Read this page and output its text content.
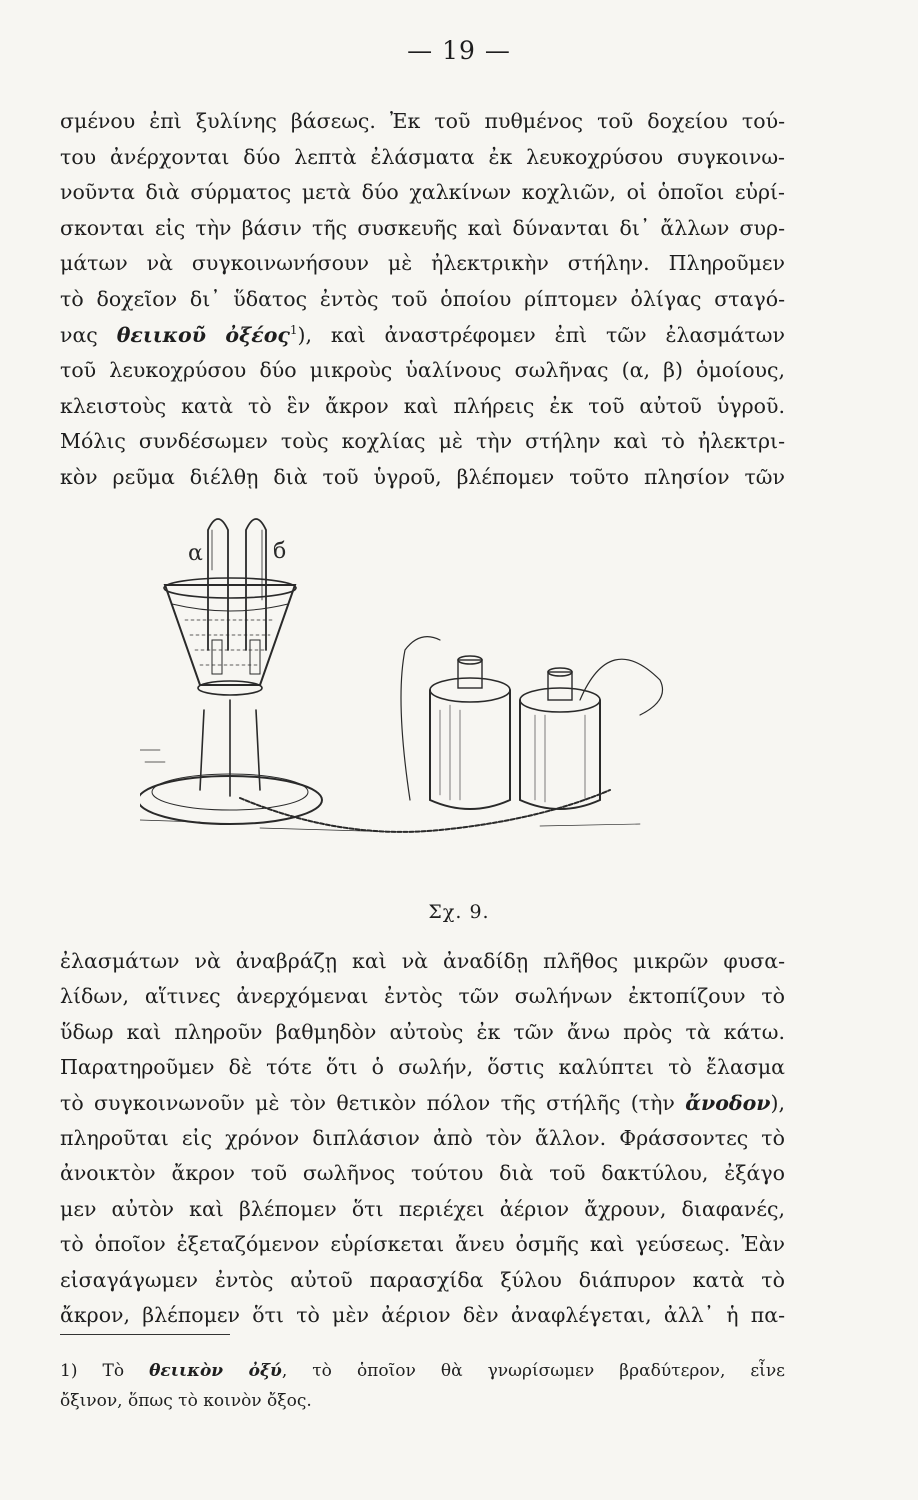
— 19 —
σμένου ἐπὶ ξυλίνης βάσεως. Ἐκ τοῦ πυθμένος τοῦ δοχείου τού-
του ἀνέρχονται δύο λεπτὰ ἐλάσματα ἐκ λευκοχρύσου συγκοινω-
νοῦντα διὰ σύρματος μετὰ δύο χαλκίνων κοχλιῶν, οἱ ὁποῖοι εὑρί-
σκονται εἰς τὴν βάσιν τῆς συσκευῆς καὶ δύνανται δι᾽ ἄλλων συρ-
μάτων νὰ συγκοινωνήσουν μὲ ἠλεκτρικὴν στήλην. Πληροῦμεν
τὸ δοχεῖον δι᾽ ὕδατος ἐντὸς τοῦ ὁποίου ρίπτομεν ὀλίγας σταγό-
νας θειικοῦ ὀξέος$^1$), καὶ ἀναστρέφομεν ἐπὶ τῶν ἐλασμάτων
τοῦ λευκοχρύσου δύο μικροὺς ὑαλίνους σωλῆνας (α, β) ὁμοίους,
κλειστοὺς κατὰ τὸ ἓν ἄκρον καὶ πλήρεις ἐκ τοῦ αὐτοῦ ὑγροῦ.
Μόλις συνδέσωμεν τοὺς κοχλίας μὲ τὴν στήλην καὶ τὸ ἠλεκτρι-
κὸν ρεῦμα διέλθῃ διὰ τοῦ ὑγροῦ, βλέπομεν τοῦτο πλησίον τῶν
α	б
Σχ. 9.
ἐλασμάτων νὰ ἀναβράζῃ καὶ νὰ ἀναδίδῃ πλῆθος μικρῶν φυσα-
λίδων, αἵτινες ἀνερχόμεναι ἐντὸς τῶν σωλήνων ἐκτοπίζουν τὸ
ὕδωρ καὶ πληροῦν βαθμηδὸν αὐτοὺς ἐκ τῶν ἄνω πρὸς τὰ κάτω.
Παρατηροῦμεν δὲ τότε ὅτι ὁ σωλήν, ὅστις καλύπτει τὸ ἔλασμα
τὸ συγκοινωνοῦν μὲ τὸν θετικὸν πόλον τῆς στήλῆς (τὴν ἄνοδον),
πληροῦται εἰς χρόνον διπλάσιον ἀπὸ τὸν ἄλλον. Φράσσοντες τὸ
ἀνοικτὸν ἄκρον τοῦ σωλῆνος τούτου διὰ τοῦ δακτύλου, ἐξάγο
μεν αὐτὸν καὶ βλέπομεν ὅτι περιέχει ἀέριον ἄχρουν, διαφανές,
τὸ ὁποῖον ἐξεταζόμενον εὑρίσκεται ἄνευ ὀσμῆς καὶ γεύσεως. Ἐὰν
εἰσαγάγωμεν ἐντὸς αὐτοῦ παρασχίδα ξύλου διάπυρον κατὰ τὸ
ἄκρον, βλέπομεν ὅτι τὸ μὲν ἀέριον δὲν ἀναφλέγεται, ἀλλ᾽ ἡ πα-
1) Τὸ θειικὸν ὀξύ, τὸ ὁποῖον θὰ γνωρίσωμεν βραδύτερον, εἶνε
ὄξινον, ὅπως τὸ κοινὸν ὄξος.
